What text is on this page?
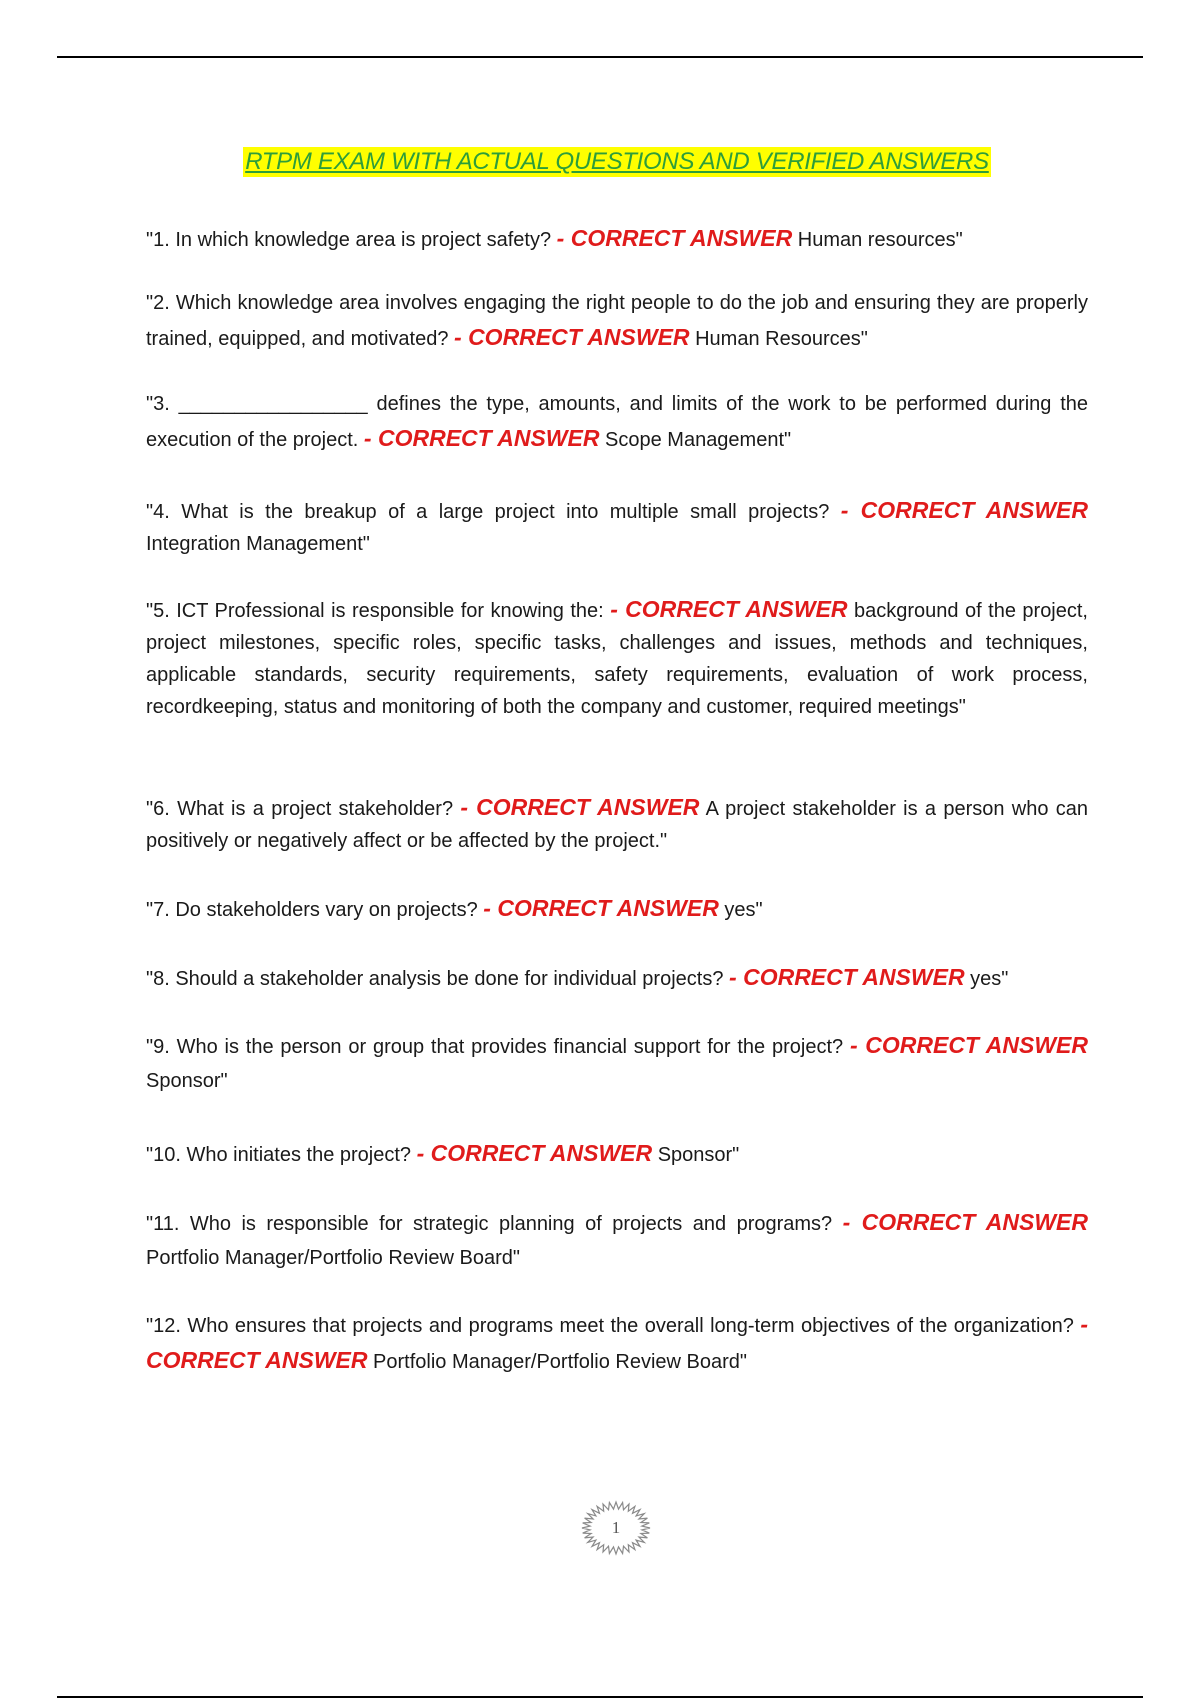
RTPM EXAM WITH ACTUAL QUESTIONS AND VERIFIED ANSWERS

"1. In which knowledge area is project safety? - CORRECT ANSWER Human resources"

"2. Which knowledge area involves engaging the right people to do the job and ensuring they are properly trained, equipped, and motivated? - CORRECT ANSWER Human Resources"

"3. _________________ defines the type, amounts, and limits of the work to be performed during the execution of the project. - CORRECT ANSWER Scope Management"

"4. What is the breakup of a large project into multiple small projects? - CORRECT ANSWER Integration Management"

"5. ICT Professional is responsible for knowing the: - CORRECT ANSWER background of the project, project milestones, specific roles, specific tasks, challenges and issues, methods and techniques, applicable standards, security requirements, safety requirements, evaluation of work process, recordkeeping, status and monitoring of both the company and customer, required meetings"

"6. What is a project stakeholder? - CORRECT ANSWER A project stakeholder is a person who can positively or negatively affect or be affected by the project."

"7. Do stakeholders vary on projects? - CORRECT ANSWER yes"

"8. Should a stakeholder analysis be done for individual projects? - CORRECT ANSWER yes"

"9. Who is the person or group that provides financial support for the project? - CORRECT ANSWER Sponsor"

"10. Who initiates the project? - CORRECT ANSWER Sponsor"

"11. Who is responsible for strategic planning of projects and programs? - CORRECT ANSWER Portfolio Manager/Portfolio Review Board"

"12. Who ensures that projects and programs meet the overall long-term objectives of the organization? - CORRECT ANSWER Portfolio Manager/Portfolio Review Board"

1
